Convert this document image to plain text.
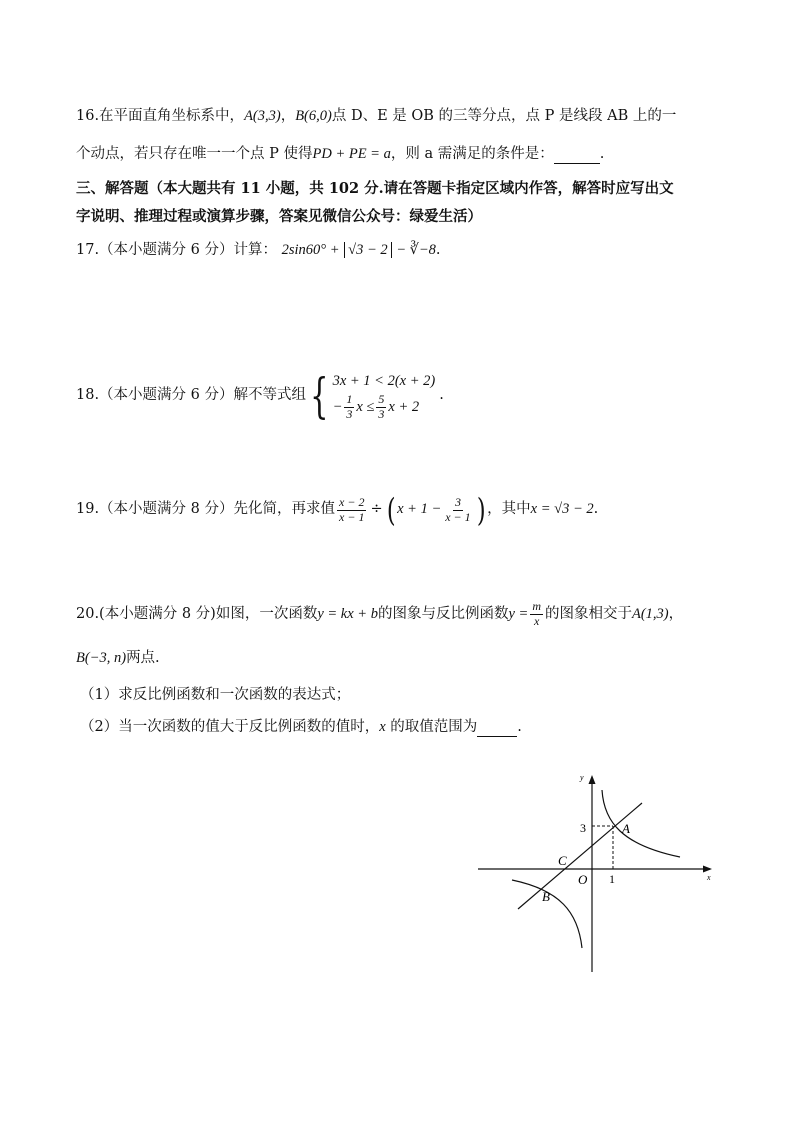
16.在平面直角坐标系中，A(3,3)，B(6,0)点 D、E 是 OB 的三等分点，点 P 是线段 AB 上的一
个动点，若只存在唯一一个点 P 使得PD + PE = a，则 a 需满足的条件是：	.
三、解答题（本大题共有 11 小题，共 102 分.请在答题卡指定区域内作答，解答时应写出文
字说明、推理过程或演算步骤，答案见微信公众号：绿爱生活）
17.（本小题满分 6 分）计算： 2sin60° + √3 − 2 − ∛−8.
18.（本小题满分 6 分）解不等式组 { 3x + 1 < 2(x + 2)
− $\frac{1}{3}$ $x \le \frac{5}{3}$ x + 2
.
19.（本小题满分 8 分）先化简，再求值 $\frac{x - 2}{x - 1}$ ÷ ( $x + 1 - \frac{3}{x - 1}$ ) ，其中 x = √3 − 2 .
20.(本小题满分 8 分)如图，一次函数 y = kx + b 的图象与反比例函数 $y = \frac{m}{x}$ 的图象相交于 A(1,3) ，
B(−3, n)两点.
（1）求反比例函数和一次函数的表达式；
（2）当一次函数的值大于反比例函数的值时，x 的取值范围为	.
x
y
O
3
1
A
B
C
